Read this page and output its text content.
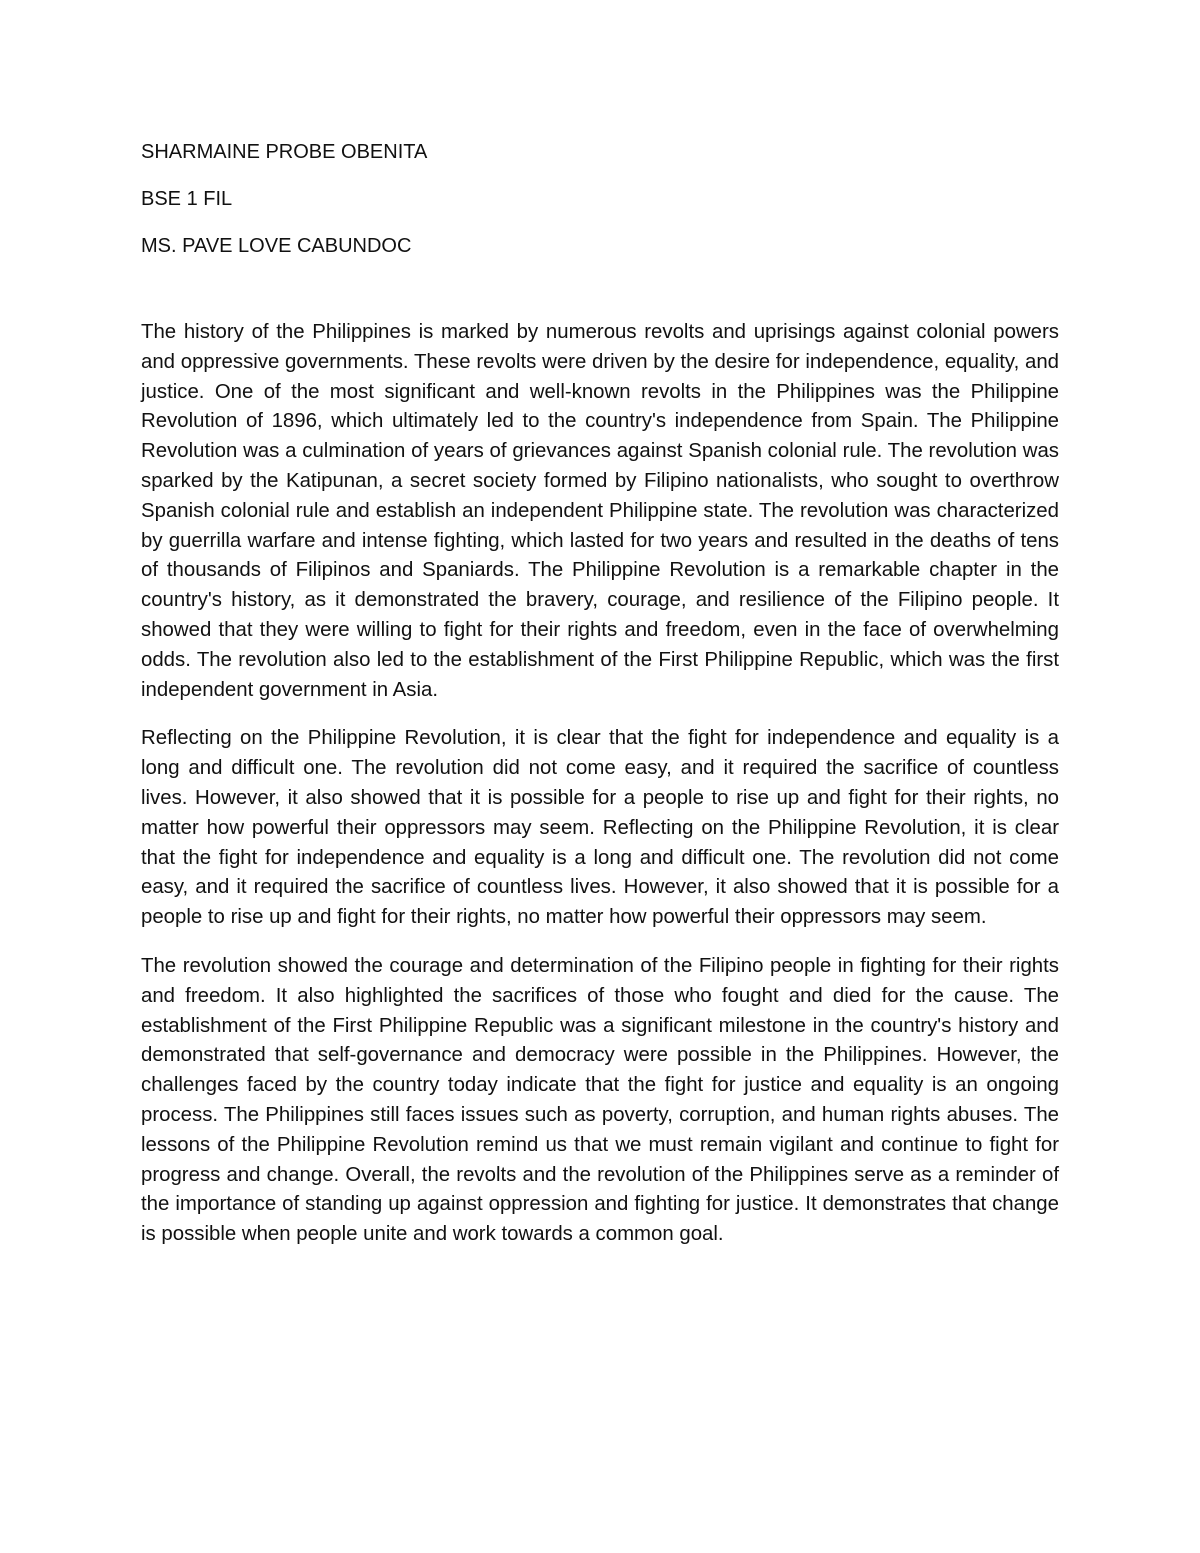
SHARMAINE PROBE OBENITA
BSE 1 FIL
MS. PAVE LOVE CABUNDOC

The history of the Philippines is marked by numerous revolts and uprisings against colonial powers and oppressive governments. These revolts were driven by the desire for independence, equality, and justice. One of the most significant and well-known revolts in the Philippines was the Philippine Revolution of 1896, which ultimately led to the country's independence from Spain. The Philippine Revolution was a culmination of years of grievances against Spanish colonial rule. The revolution was sparked by the Katipunan, a secret society formed by Filipino nationalists, who sought to overthrow Spanish colonial rule and establish an independent Philippine state. The revolution was characterized by guerrilla warfare and intense fighting, which lasted for two years and resulted in the deaths of tens of thousands of Filipinos and Spaniards. The Philippine Revolution is a remarkable chapter in the country's history, as it demonstrated the bravery, courage, and resilience of the Filipino people. It showed that they were willing to fight for their rights and freedom, even in the face of overwhelming odds. The revolution also led to the establishment of the First Philippine Republic, which was the first independent government in Asia.

Reflecting on the Philippine Revolution, it is clear that the fight for independence and equality is a long and difficult one. The revolution did not come easy, and it required the sacrifice of countless lives. However, it also showed that it is possible for a people to rise up and fight for their rights, no matter how powerful their oppressors may seem. Reflecting on the Philippine Revolution, it is clear that the fight for independence and equality is a long and difficult one. The revolution did not come easy, and it required the sacrifice of countless lives. However, it also showed that it is possible for a people to rise up and fight for their rights, no matter how powerful their oppressors may seem.

The revolution showed the courage and determination of the Filipino people in fighting for their rights and freedom. It also highlighted the sacrifices of those who fought and died for the cause. The establishment of the First Philippine Republic was a significant milestone in the country's history and demonstrated that self-governance and democracy were possible in the Philippines. However, the challenges faced by the country today indicate that the fight for justice and equality is an ongoing process. The Philippines still faces issues such as poverty, corruption, and human rights abuses. The lessons of the Philippine Revolution remind us that we must remain vigilant and continue to fight for progress and change. Overall, the revolts and the revolution of the Philippines serve as a reminder of the importance of standing up against oppression and fighting for justice. It demonstrates that change is possible when people unite and work towards a common goal.
